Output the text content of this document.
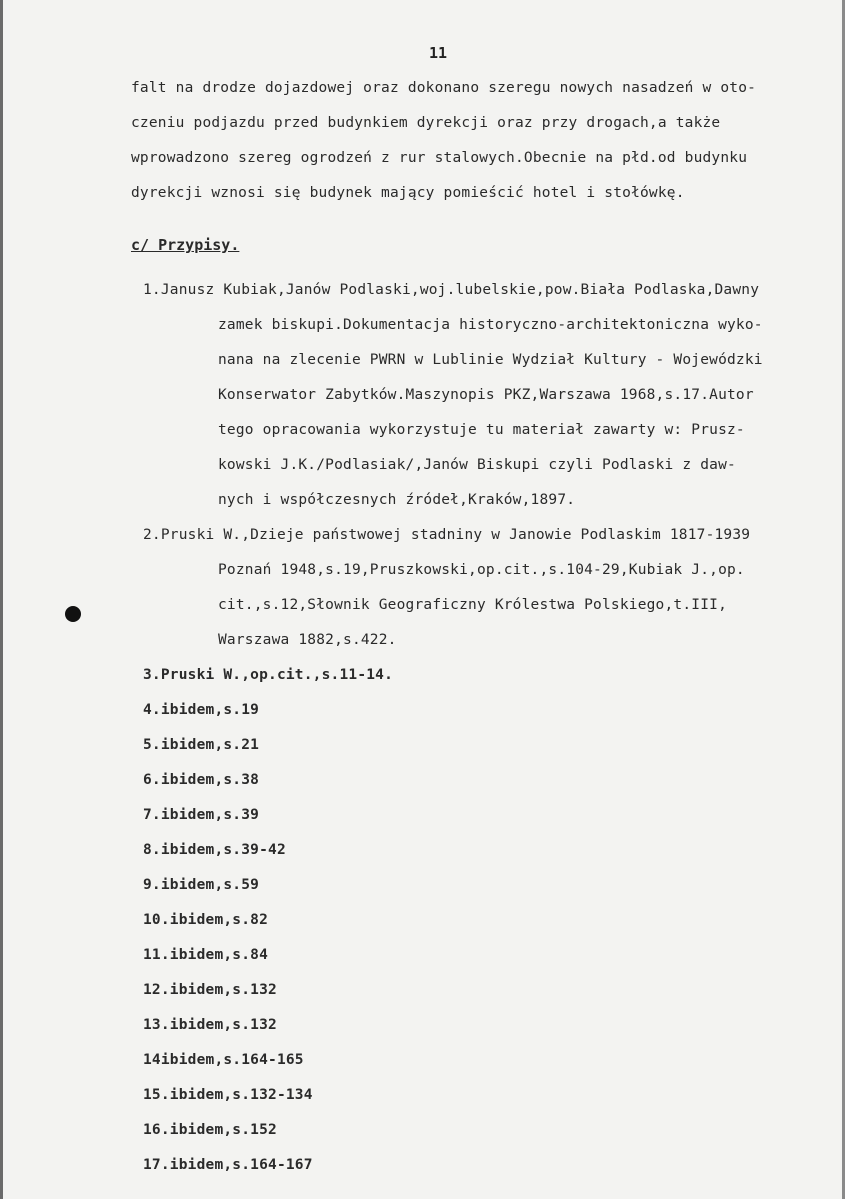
11
falt na drodze dojazdowej oraz dokonano szeregu nowych nasadzeń w oto-
czeniu podjazdu przed budynkiem dyrekcji oraz przy drogach,a także
wprowadzono szereg ogrodzeń z rur stalowych.Obecnie na płd.od budynku
dyrekcji wznosi się budynek mający pomieścić hotel i stołówkę.
c/ Przypisy.
1.Janusz Kubiak,Janów Podlaski,woj.lubelskie,pow.Biała Podlaska,Dawny
zamek biskupi.Dokumentacja historyczno-architektoniczna wyko-
nana na zlecenie PWRN w Lublinie Wydział Kultury - Wojewódzki
Konserwator Zabytków.Maszynopis PKZ,Warszawa 1968,s.17.Autor
tego opracowania wykorzystuje tu materiał zawarty w: Prusz-
kowski J.K./Podlasiak/,Janów Biskupi czyli Podlaski z daw-
nych i współczesnych źródeł,Kraków,1897.
2.Pruski W.,Dzieje państwowej stadniny w Janowie Podlaskim 1817-1939
Poznań 1948,s.19,Pruszkowski,op.cit.,s.104-29,Kubiak J.,op.
cit.,s.12,Słownik Geograficzny Królestwa Polskiego,t.III,
Warszawa 1882,s.422.
3.Pruski W.,op.cit.,s.11-14.
4.ibidem,s.19
5.ibidem,s.21
6.ibidem,s.38
7.ibidem,s.39
8.ibidem,s.39-42
9.ibidem,s.59
10.ibidem,s.82
11.ibidem,s.84
12.ibidem,s.132
13.ibidem,s.132
14ibidem,s.164-165
15.ibidem,s.132-134
16.ibidem,s.152
17.ibidem,s.164-167
